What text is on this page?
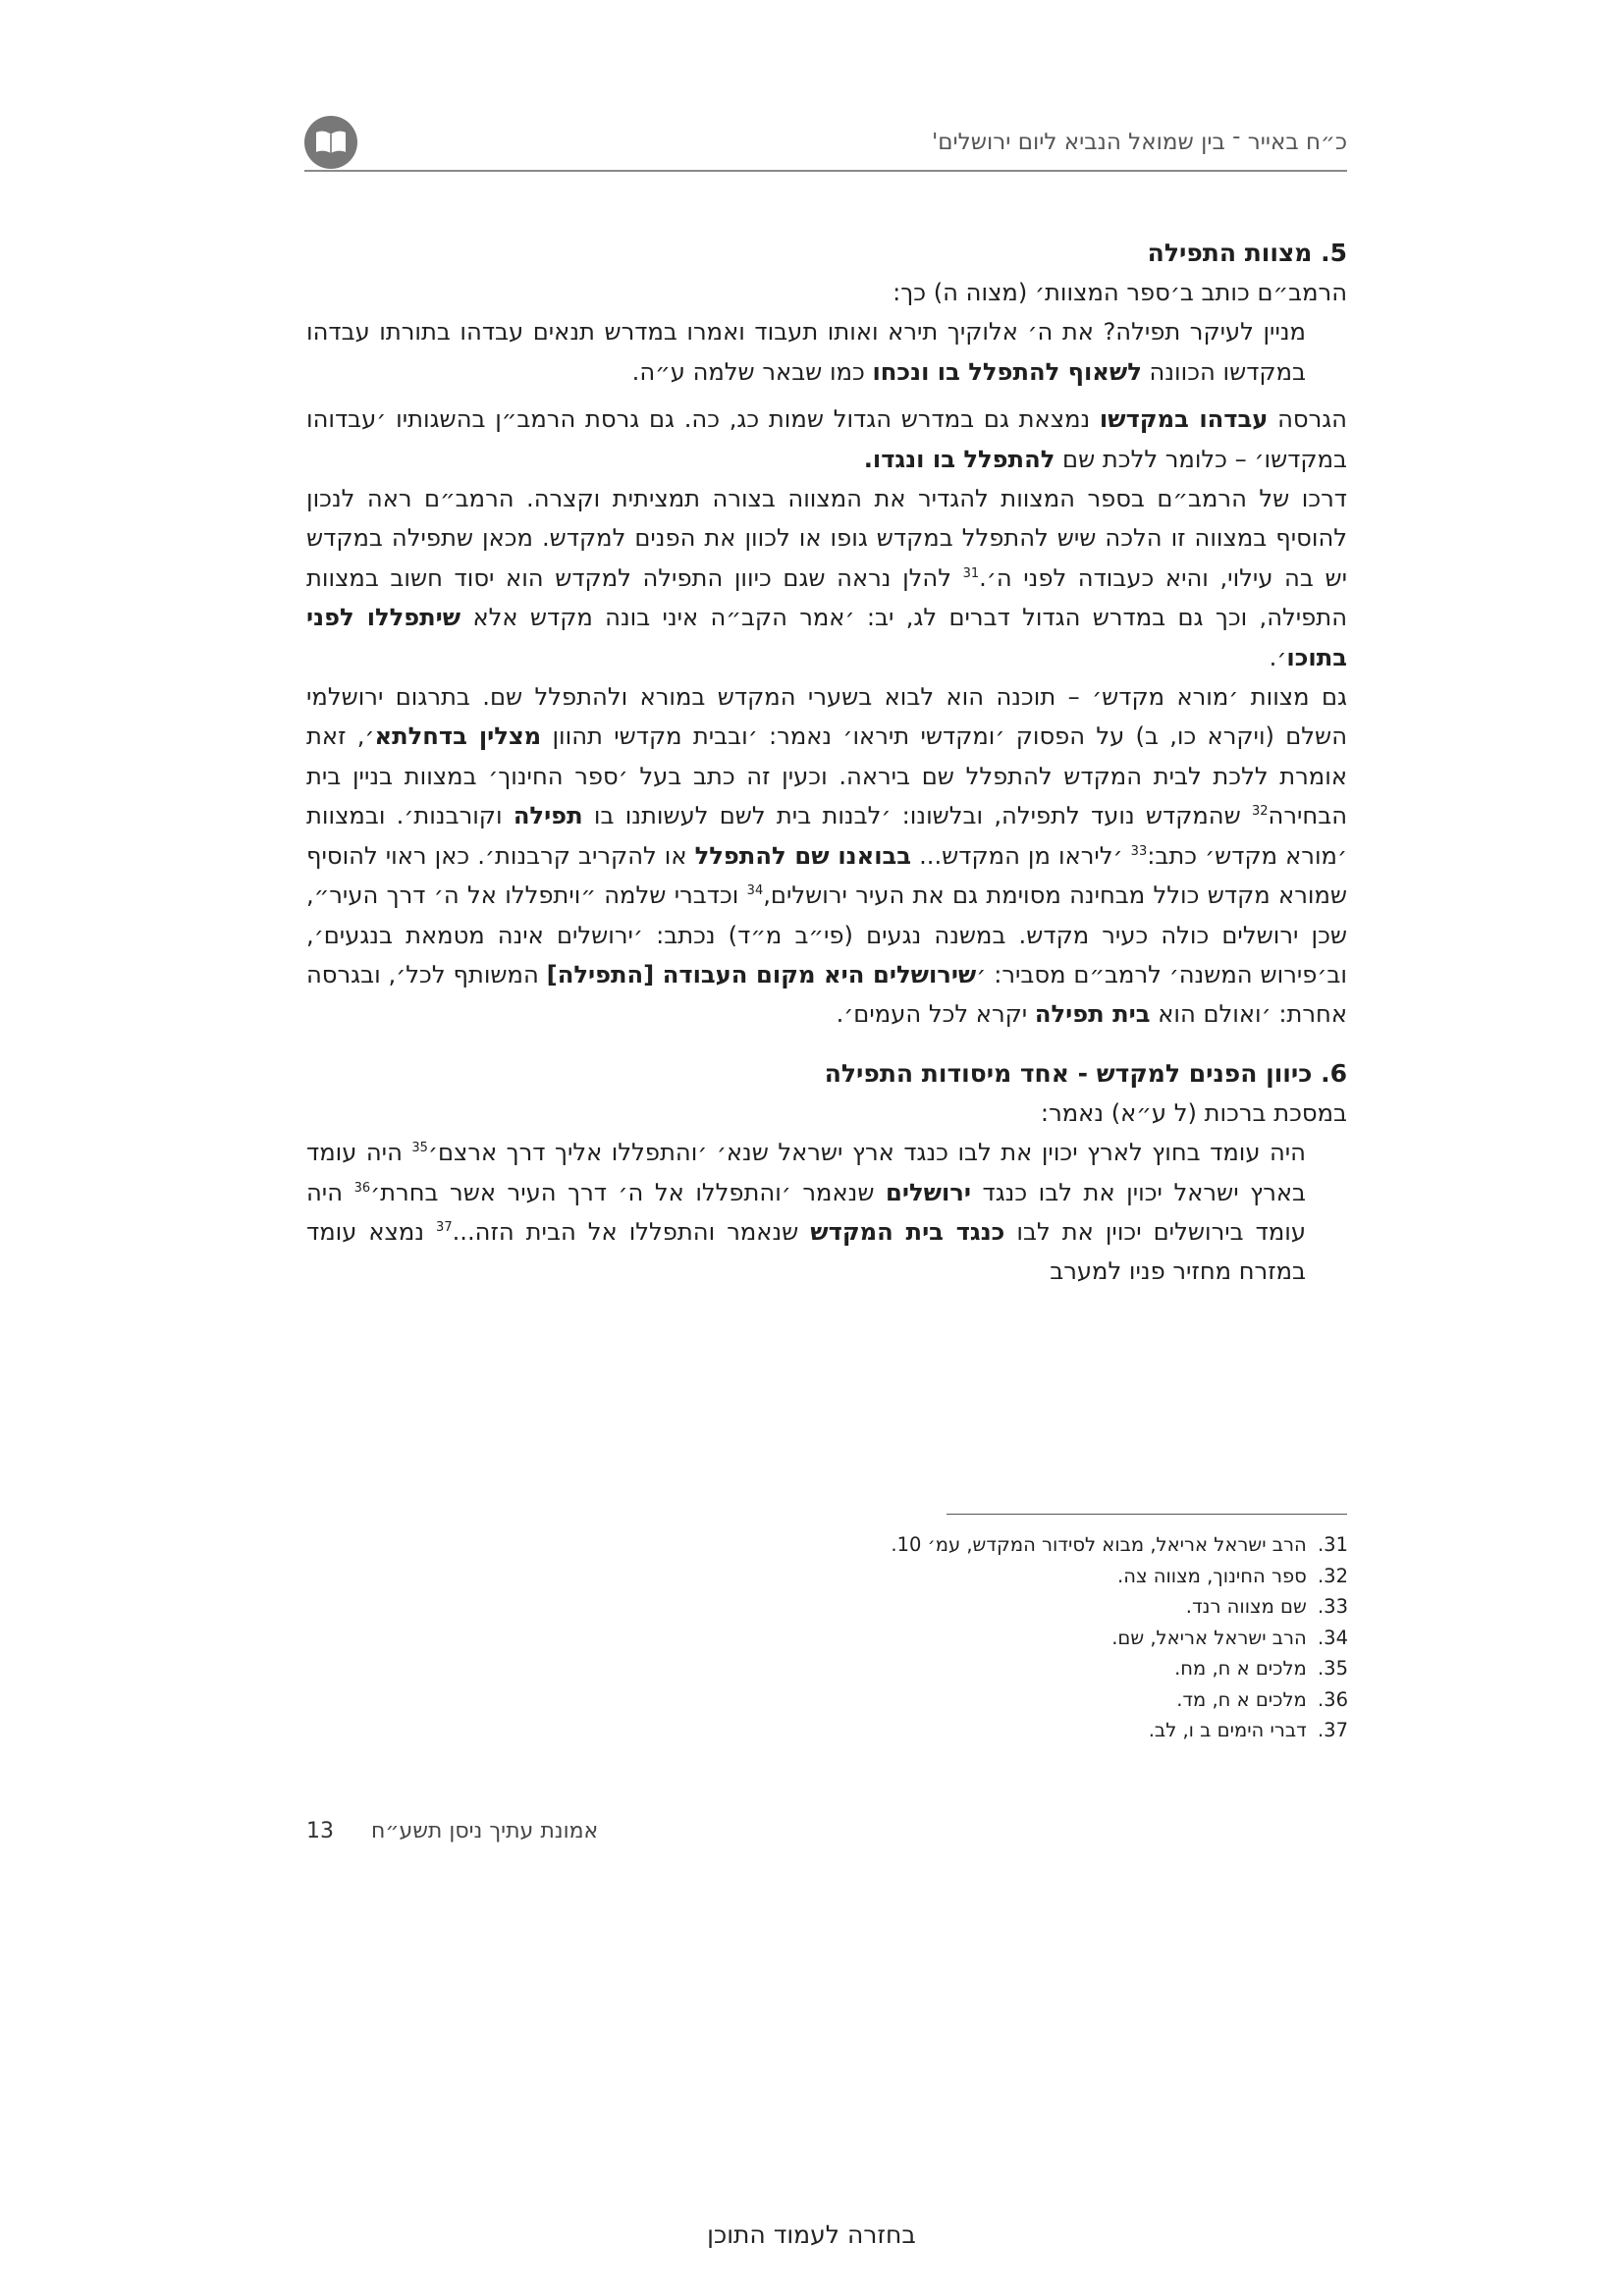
כ״ח באייר ־ בין שמואל הנביא ליום ירושלים'

5. מצוות התפילה

הרמב״ם כותב ב׳ספר המצוות׳ (מצוה ה) כך:

מניין לעיקר תפילה? את ה׳ אלוקיך תירא ואותו תעבוד ואמרו במדרש תנאים עבדהו בתורתו עבדהו במקדשו הכוונה לשאוף להתפלל בו ונכחו כמו שבאר שלמה ע״ה.

הגרסה עבדהו במקדשו נמצאת גם במדרש הגדול שמות כג, כה. גם גרסת הרמב״ן בהשגותיו ׳עבדוהו במקדשו׳ – כלומר ללכת שם להתפלל בו ונגדו.

דרכו של הרמב״ם בספר המצוות להגדיר את המצווה בצורה תמציתית וקצרה. הרמב״ם ראה לנכון להוסיף במצווה זו הלכה שיש להתפלל במקדש גופו או לכוון את הפנים למקדש. מכאן שתפילה במקדש יש בה עילוי, והיא כעבודה לפני ה׳.$^{31}$ להלן נראה שגם כיוון התפילה למקדש הוא יסוד חשוב במצוות התפילה, וכך גם במדרש הגדול דברים לג, יב: ׳אמר הקב״ה איני בונה מקדש אלא שיתפללו לפני בתוכו׳.

גם מצוות ׳מורא מקדש׳ – תוכנה הוא לבוא בשערי המקדש במורא ולהתפלל שם. בתרגום ירושלמי השלם (ויקרא כו, ב) על הפסוק ׳ומקדשי תיראו׳ נאמר: ׳ובבית מקדשי תהוון מצלין בדחלתא׳, זאת אומרת ללכת לבית המקדש להתפלל שם ביראה. וכעין זה כתב בעל ׳ספר החינוך׳ במצוות בניין בית הבחירה$^{32}$ שהמקדש נועד לתפילה, ובלשונו: ׳לבנות בית לשם לעשותנו בו תפילה וקורבנות׳. ובמצוות ׳מורא מקדש׳ כתב:$^{33}$ ׳ליראו מן המקדש... בבואנו שם להתפלל או להקריב קרבנות׳. כאן ראוי להוסיף שמורא מקדש כולל מבחינה מסוימת גם את העיר ירושלים,$^{34}$ וכדברי שלמה ״ויתפללו אל ה׳ דרך העיר״, שכן ירושלים כולה כעיר מקדש. במשנה נגעים (פי״ב מ״ד) נכתב: ׳ירושלים אינה מטמאת בנגעים׳, וב׳פירוש המשנה׳ לרמב״ם מסביר: ׳שירושלים היא מקום העבודה [התפילה] המשותף לכל׳, ובגרסה אחרת: ׳ואולם הוא בית תפילה יקרא לכל העמים׳.

6. כיוון הפנים למקדש - אחד מיסודות התפילה

במסכת ברכות (ל ע״א) נאמר:

היה עומד בחוץ לארץ יכוין את לבו כנגד ארץ ישראל שנא׳ ׳והתפללו אליך דרך ארצם׳$^{35}$ היה עומד בארץ ישראל יכוין את לבו כנגד ירושלים שנאמר ׳והתפללו אל ה׳ דרך העיר אשר בחרת׳$^{36}$ היה עומד בירושלים יכוין את לבו כנגד בית המקדש שנאמר והתפללו אל הבית הזה...$^{37}$ נמצא עומד במזרח מחזיר פניו למערב

31. הרב ישראל אריאל, מבוא לסידור המקדש, עמ׳ 10.
32. ספר החינוך, מצווה צה.
33. שם מצווה רנד.
34. הרב ישראל אריאל, שם.
35. מלכים א ח, מח.
36. מלכים א ח, מד.
37. דברי הימים ב ו, לב.
13 אמונת עתיך ניסן תשע״ח
בחזרה לעמוד התוכן
